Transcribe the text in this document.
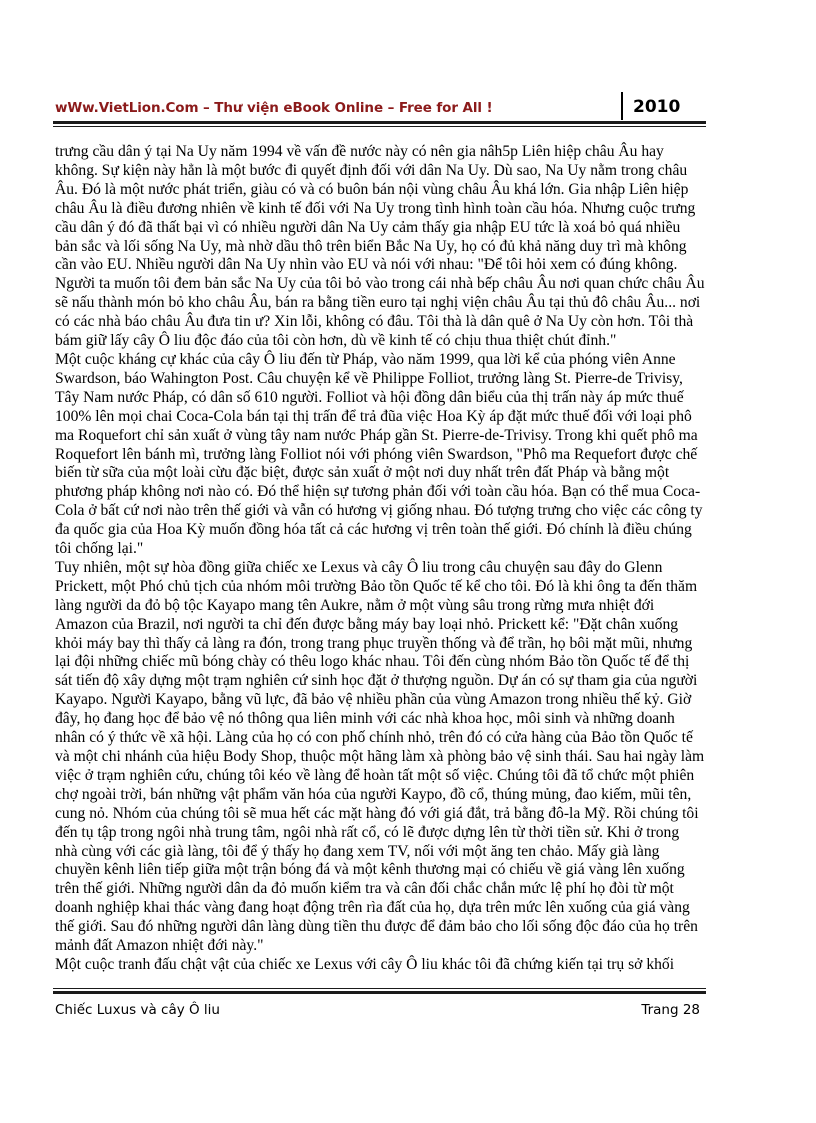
wWw.VietLion.Com – Thư viện eBook Online – Free for All !	2010

trưng cầu dân ý tại Na Uy năm 1994 về vấn đề nước này có nên gia nâh5p Liên hiệp châu Âu hay không. Sự kiện này hẳn là một bước đi quyết định đối với dân Na Uy. Dù sao, Na Uy nằm trong châu Âu. Đó là một nước phát triển, giàu có và có buôn bán nội vùng châu Âu khá lớn. Gia nhập Liên hiệp châu Âu là điều đương nhiên về kinh tế đối với Na Uy trong tình hình toàn cầu hóa. Nhưng cuộc trưng cầu dân ý đó đã thất bại vì có nhiều người dân Na Uy cảm thấy gia nhập EU tức là xoá bỏ quá nhiều bản sắc và lối sống Na Uy, mà nhờ dầu thô trên biển Bắc Na Uy, họ có đủ khả năng duy trì mà không cần vào EU. Nhiều người dân Na Uy nhìn vào EU và nói với nhau: "Để tôi hỏi xem có đúng không. Người ta muốn tôi đem bản sắc Na Uy của tôi bỏ vào trong cái nhà bếp châu Âu nơi quan chức châu Âu sẽ nấu thành món bỏ kho châu Âu, bán ra bằng tiền euro tại nghị viện châu Âu tại thủ đô châu Âu... nơi có các nhà báo châu Âu đưa tin ư? Xin lỗi, không có đâu. Tôi thà là dân quê ở Na Uy còn hơn. Tôi thà bám giữ lấy cây Ô liu độc đáo của tôi còn hơn, dù về kinh tế có chịu thua thiệt chút đỉnh."

Một cuộc kháng cự khác của cây Ô liu đến từ Pháp, vào năm 1999, qua lời kể của phóng viên Anne Swardson, báo Wahington Post. Câu chuyện kể về Philippe Folliot, trưởng làng St. Pierre-de Trivisy, Tây Nam nước Pháp, có dân số 610 người. Folliot và hội đồng dân biểu của thị trấn này áp mức thuế 100% lên mọi chai Coca-Cola bán tại thị trấn để trả đũa việc Hoa Kỳ áp đặt mức thuế đối với loại phô ma Roquefort chỉ sản xuất ở vùng tây nam nước Pháp gần St. Pierre-de-Trivisy. Trong khi quết phô ma Roquefort lên bánh mì, trưởng làng Folliot nói với phóng viên Swardson, "Phô ma Requefort được chế biến từ sữa của một loài cừu đặc biệt, được sản xuất ở một nơi duy nhất trên đất Pháp và bằng một phương pháp không nơi nào có. Đó thể hiện sự tương phản đối với toàn cầu hóa. Bạn có thể mua Coca-Cola ở bất cứ nơi nào trên thế giới và vẫn có hương vị giống nhau. Đó tượng trưng cho việc các công ty đa quốc gia của Hoa Kỳ muốn đồng hóa tất cả các hương vị trên toàn thế giới. Đó chính là điều chúng tôi chống lại."

Tuy nhiên, một sự hòa đồng giữa chiếc xe Lexus và cây Ô liu trong câu chuyện sau đây do Glenn Prickett, một Phó chủ tịch của nhóm môi trường Bảo tồn Quốc tế kể cho tôi. Đó là khi ông ta đến thăm làng người da đỏ bộ tộc Kayapo mang tên Aukre, nằm ở một vùng sâu trong rừng mưa nhiệt đới Amazon của Brazil, nơi người ta chỉ đến được bằng máy bay loại nhỏ. Prickett kể: "Đặt chân xuống khỏi máy bay thì thấy cả làng ra đón, trong trang phục truyền thống và để trần, họ bôi mặt mũi, nhưng lại đội những chiếc mũ bóng chày có thêu logo khác nhau. Tôi đến cùng nhóm Bảo tồn Quốc tế để thị sát tiến độ xây dựng một trạm nghiên cứ sinh học đặt ở thượng nguồn. Dự án có sự tham gia của người Kayapo. Người Kayapo, bằng vũ lực, đã bảo vệ nhiều phần của vùng Amazon trong nhiều thế kỷ. Giờ đây, họ đang học để bảo vệ nó thông qua liên minh với các nhà khoa học, môi sinh và những doanh nhân có ý thức về xã hội. Làng của họ có con phố chính nhỏ, trên đó có cửa hàng của Bảo tồn Quốc tế và một chi nhánh của hiệu Body Shop, thuộc một hãng làm xà phòng bảo vệ sinh thái. Sau hai ngày làm việc ở trạm nghiên cứu, chúng tôi kéo về làng để hoàn tất một số việc. Chúng tôi đã tổ chức một phiên chợ ngoài trời, bán những vật phẩm văn hóa của người Kaypo, đồ cổ, thúng mủng, đao kiếm, mũi tên, cung nỏ. Nhóm của chúng tôi sẽ mua hết các mặt hàng đó với giá đắt, trả bằng đô-la Mỹ. Rồi chúng tôi đến tụ tập trong ngôi nhà trung tâm, ngôi nhà rất cổ, có lẽ được dựng lên từ thời tiền sử. Khi ở trong nhà cùng với các già làng, tôi để ý thấy họ đang xem TV, nối với một ăng ten chảo. Mấy già làng chuyền kênh liên tiếp giữa một trận bóng đá và một kênh thương mại có chiếu về giá vàng lên xuống trên thế giới. Những người dân da đỏ muốn kiểm tra và cân đối chắc chắn mức lệ phí họ đòi từ một doanh nghiệp khai thác vàng đang hoạt động trên rìa đất của họ, dựa trên mức lên xuống của giá vàng thế giới. Sau đó những người dân làng dùng tiền thu được để đảm bảo cho lối sống độc đáo của họ trên mảnh đất Amazon nhiệt đới này."

Một cuộc tranh đấu chật vật của chiếc xe Lexus với cây Ô liu khác tôi đã chứng kiến tại trụ sở khối

Chiếc Luxus và cây Ô liu	Trang 28
